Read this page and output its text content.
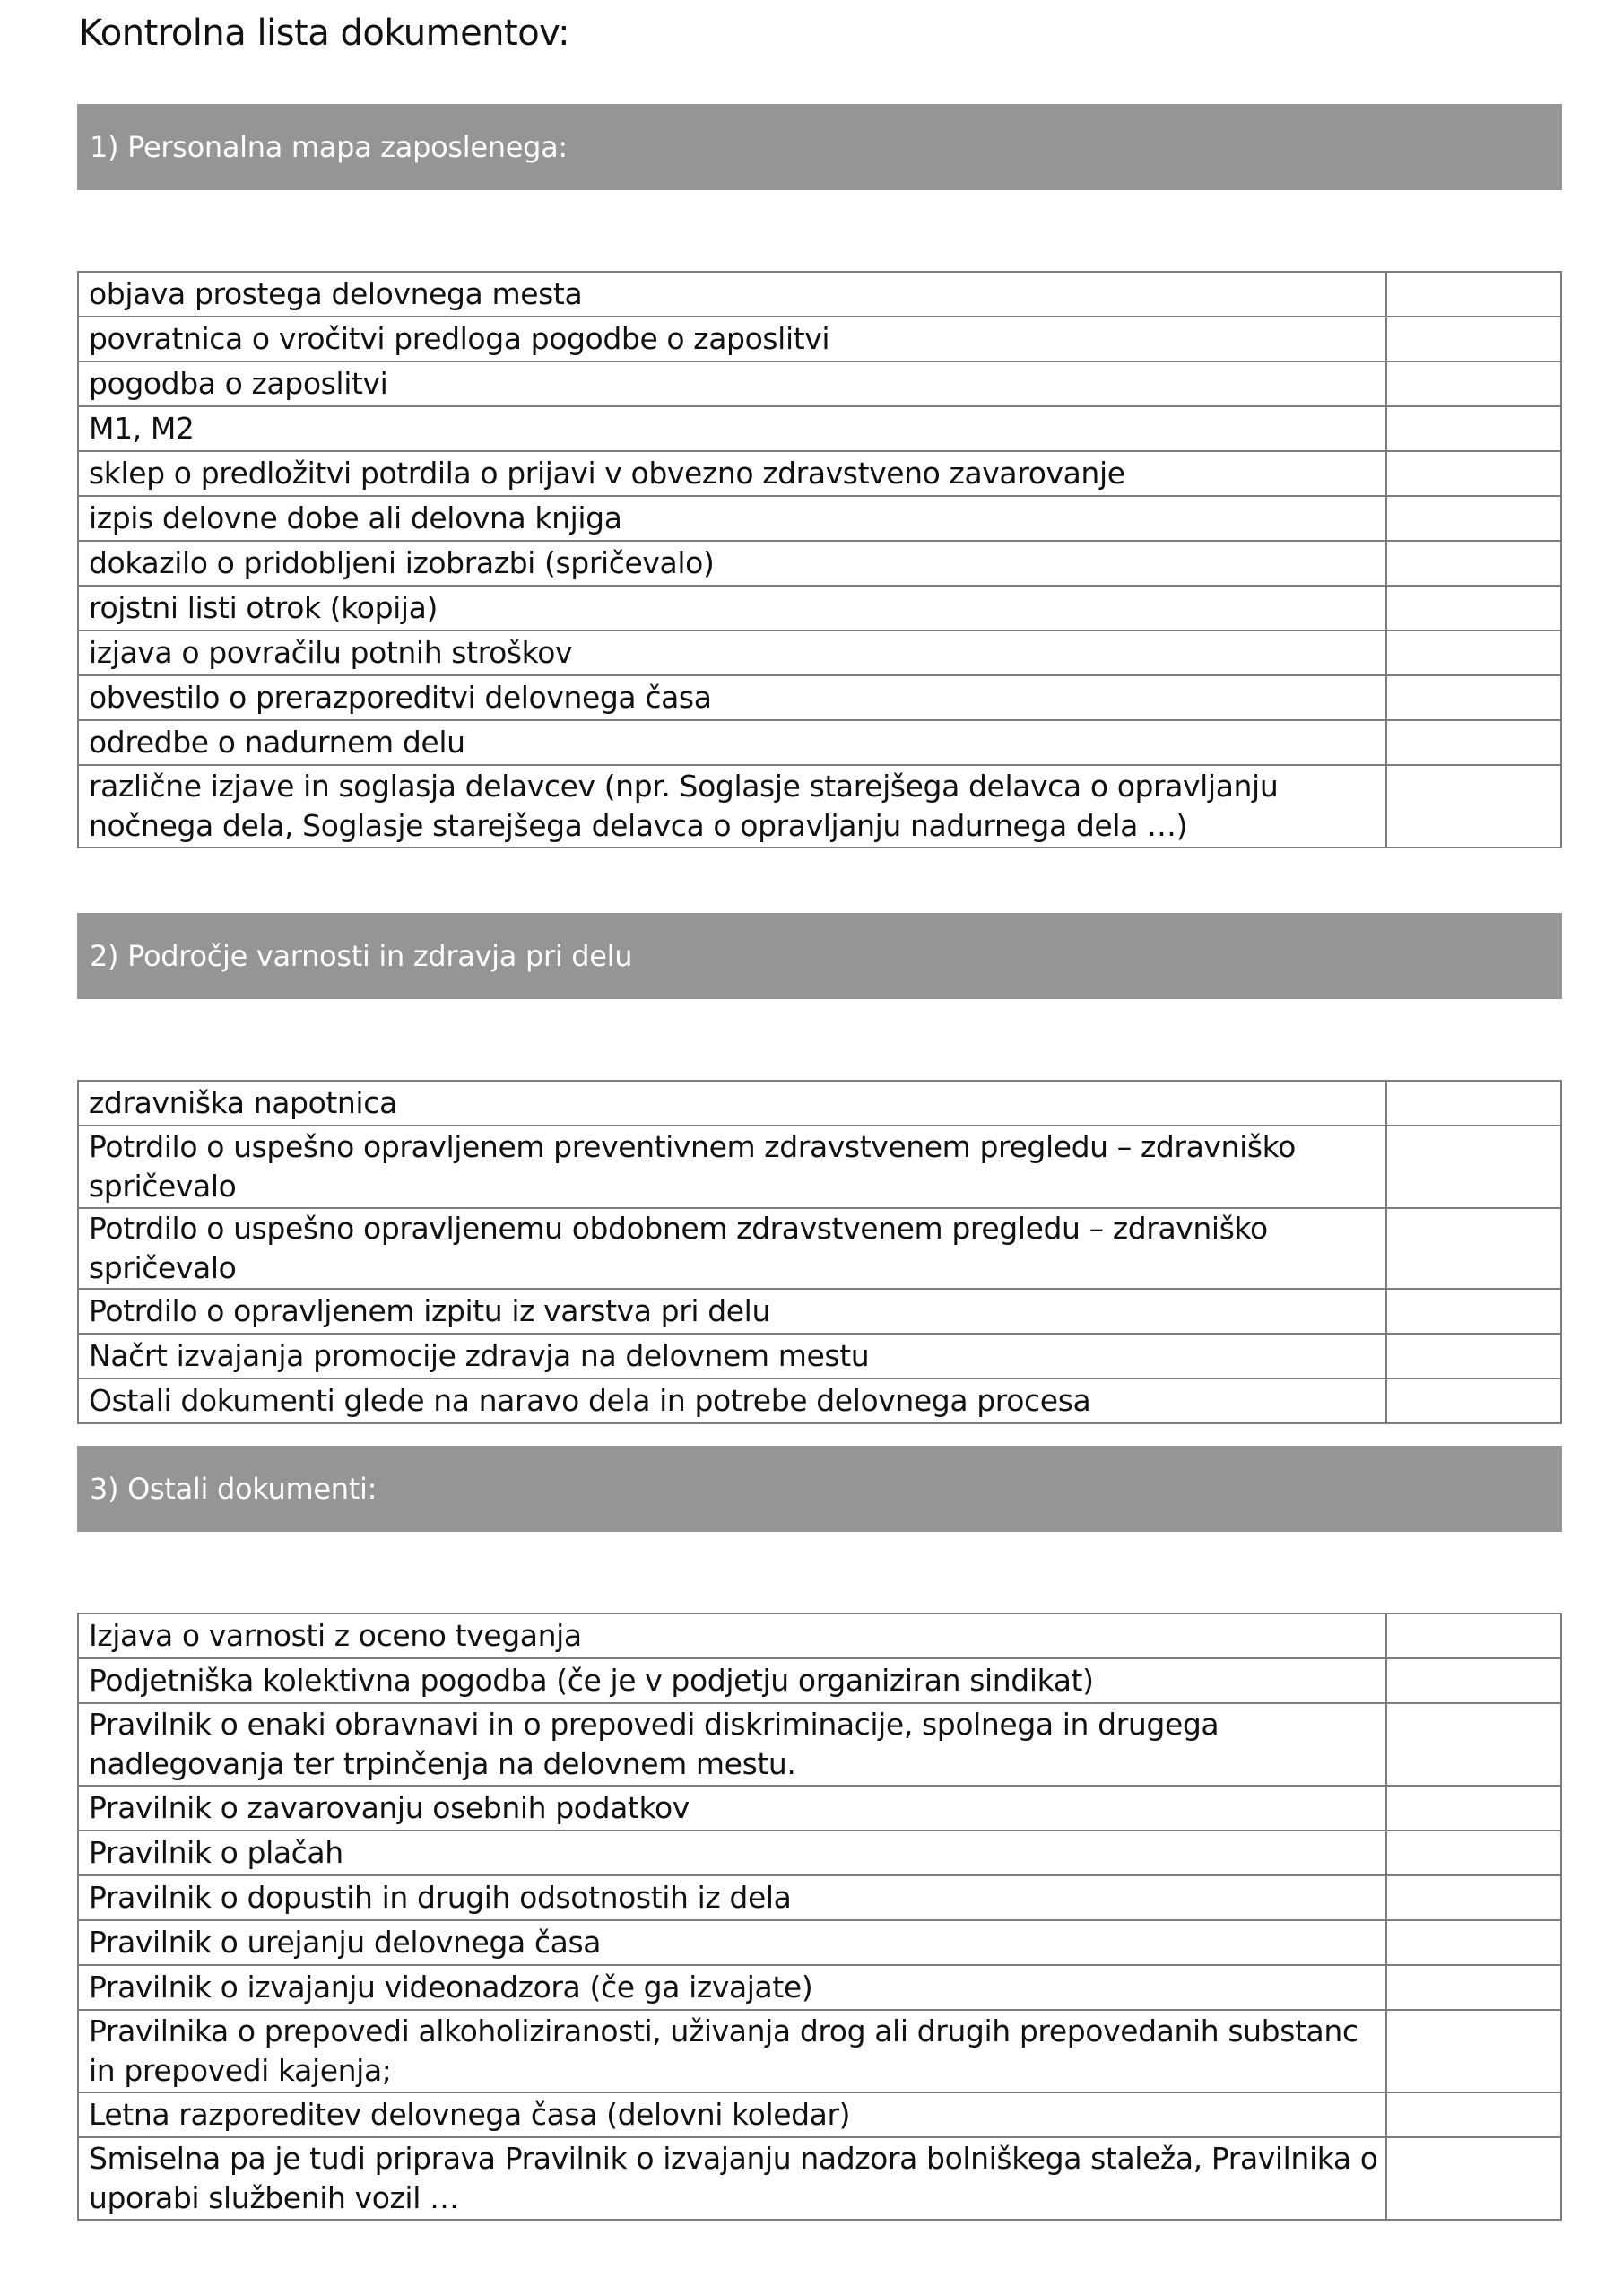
Kontrolna lista dokumentov:
1) Personalna mapa zaposlenega:
objava prostega delovnega mesta	
povratnica o vročitvi predloga pogodbe o zaposlitvi	
pogodba o zaposlitvi	
M1, M2	
sklep o predložitvi potrdila o prijavi v obvezno zdravstveno zavarovanje	
izpis delovne dobe ali delovna knjiga	
dokazilo o pridobljeni izobrazbi (spričevalo)	
rojstni listi otrok (kopija)	
izjava o povračilu potnih stroškov	
obvestilo o prerazporeditvi delovnega časa	
odredbe o nadurnem delu	
različne izjave in soglasja delavcev (npr. Soglasje starejšega delavca o opravljanju nočnega dela, Soglasje starejšega delavca o opravljanju nadurnega dela …)	
2) Področje varnosti in zdravja pri delu
zdravniška napotnica	
Potrdilo o uspešno opravljenem preventivnem zdravstvenem pregledu – zdravniško spričevalo	
Potrdilo o uspešno opravljenemu obdobnem zdravstvenem pregledu – zdravniško spričevalo	
Potrdilo o opravljenem izpitu iz varstva pri delu	
Načrt izvajanja promocije zdravja na delovnem mestu	
Ostali dokumenti glede na naravo dela in potrebe delovnega procesa	
3) Ostali dokumenti:
Izjava o varnosti z oceno tveganja	
Podjetniška kolektivna pogodba (če je v podjetju organiziran sindikat)	
Pravilnik o enaki obravnavi in o prepovedi diskriminacije, spolnega in drugega nadlegovanja ter trpinčenja na delovnem mestu.	
Pravilnik o zavarovanju osebnih podatkov	
Pravilnik o plačah	
Pravilnik o dopustih in drugih odsotnostih iz dela	
Pravilnik o urejanju delovnega časa	
Pravilnik o izvajanju videonadzora (če ga izvajate)	
Pravilnika o prepovedi alkoholiziranosti, uživanja drog ali drugih prepovedanih substanc in prepovedi kajenja;	
Letna razporeditev delovnega časa (delovni koledar)	
Smiselna pa je tudi priprava Pravilnik o izvajanju nadzora bolniškega staleža, Pravilnika o uporabi službenih vozil …	
